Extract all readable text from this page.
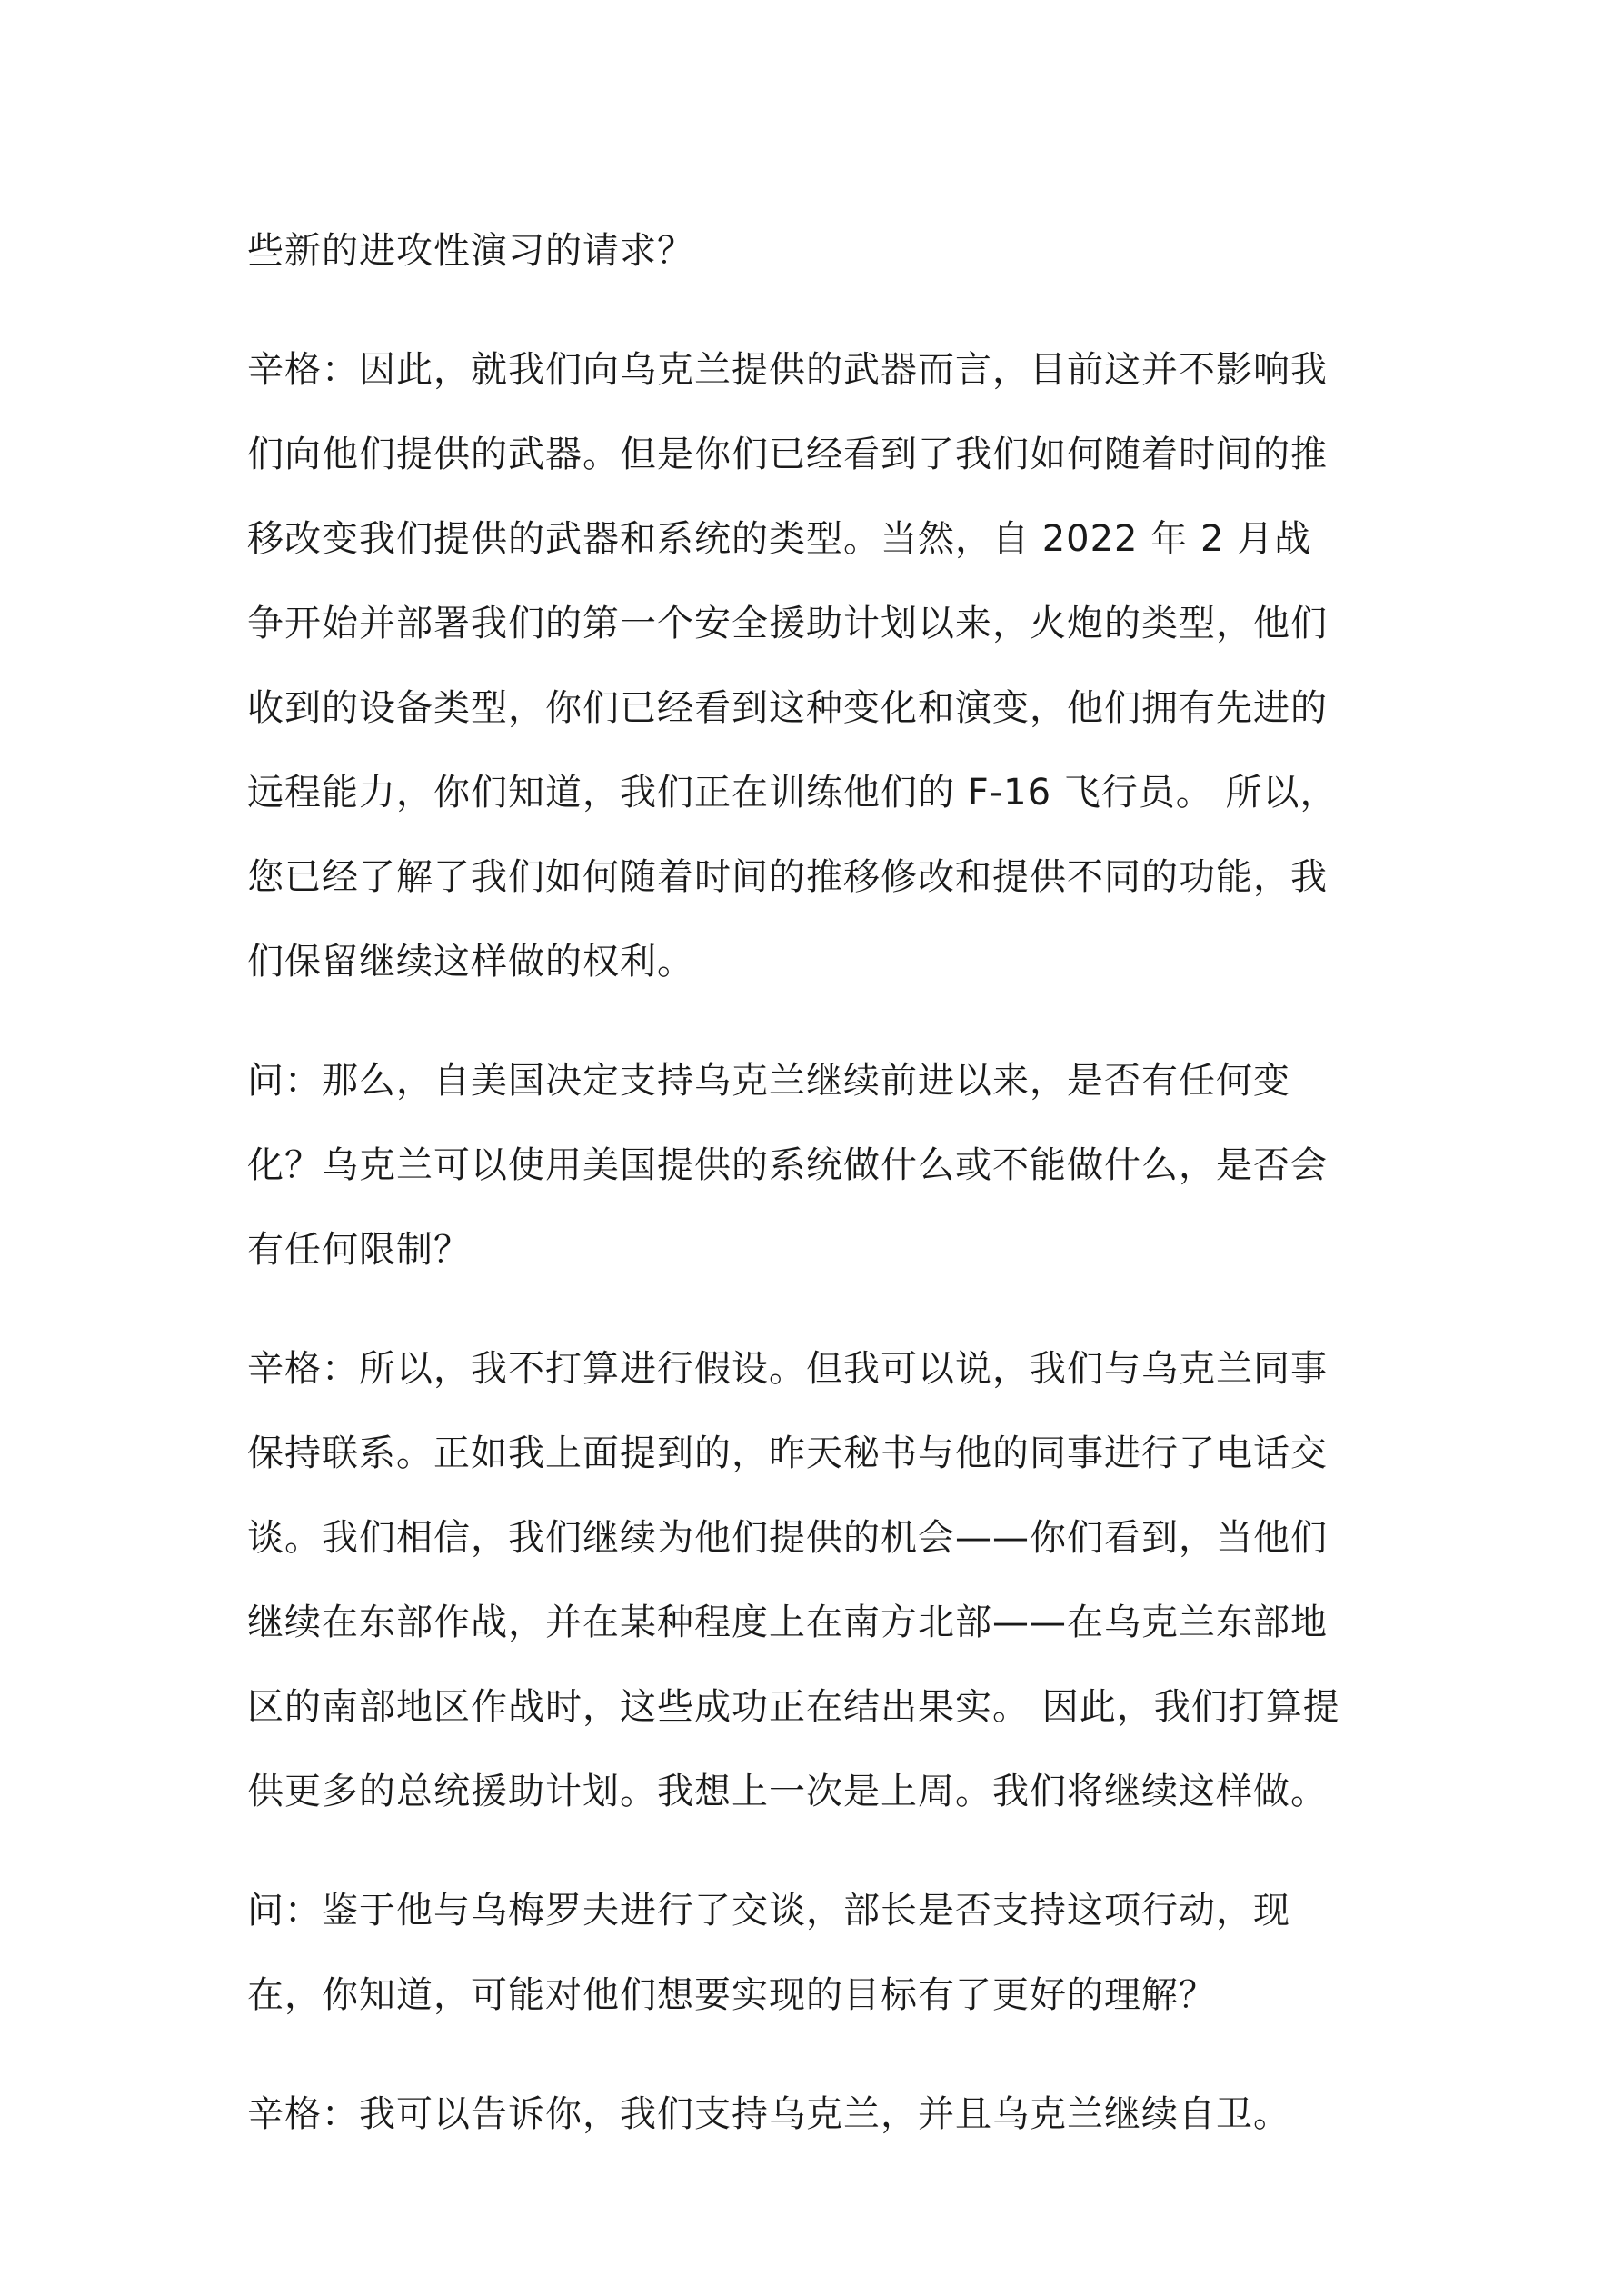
些新的进攻性演习的请求？

辛格：因此，就我们向乌克兰提供的武器而言，目前这并不影响我
们向他们提供的武器。但是你们已经看到了我们如何随着时间的推
移改变我们提供的武器和系统的类型。当然，自 2022 年 2 月战
争开始并部署我们的第一个安全援助计划以来，火炮的类型，他们
收到的设备类型，你们已经看到这种变化和演变，他们拥有先进的
远程能力，你们知道，我们正在训练他们的 F-16 飞行员。 所以，
您已经了解了我们如何随着时间的推移修改和提供不同的功能，我
们保留继续这样做的权利。

问：那么，自美国决定支持乌克兰继续前进以来，是否有任何变
化？乌克兰可以使用美国提供的系统做什么或不能做什么，是否会
有任何限制？

辛格：所以，我不打算进行假设。但我可以说，我们与乌克兰同事
保持联系。正如我上面提到的，昨天秘书与他的同事进行了电话交
谈。我们相信，我们继续为他们提供的机会——你们看到，当他们
继续在东部作战，并在某种程度上在南方北部——在乌克兰东部地
区的南部地区作战时，这些成功正在结出果实。 因此，我们打算提
供更多的总统援助计划。我想上一次是上周。我们将继续这样做。

问：鉴于他与乌梅罗夫进行了交谈，部长是否支持这项行动，现
在，你知道，可能对他们想要实现的目标有了更好的理解？

辛格：我可以告诉你，我们支持乌克兰，并且乌克兰继续自卫。
